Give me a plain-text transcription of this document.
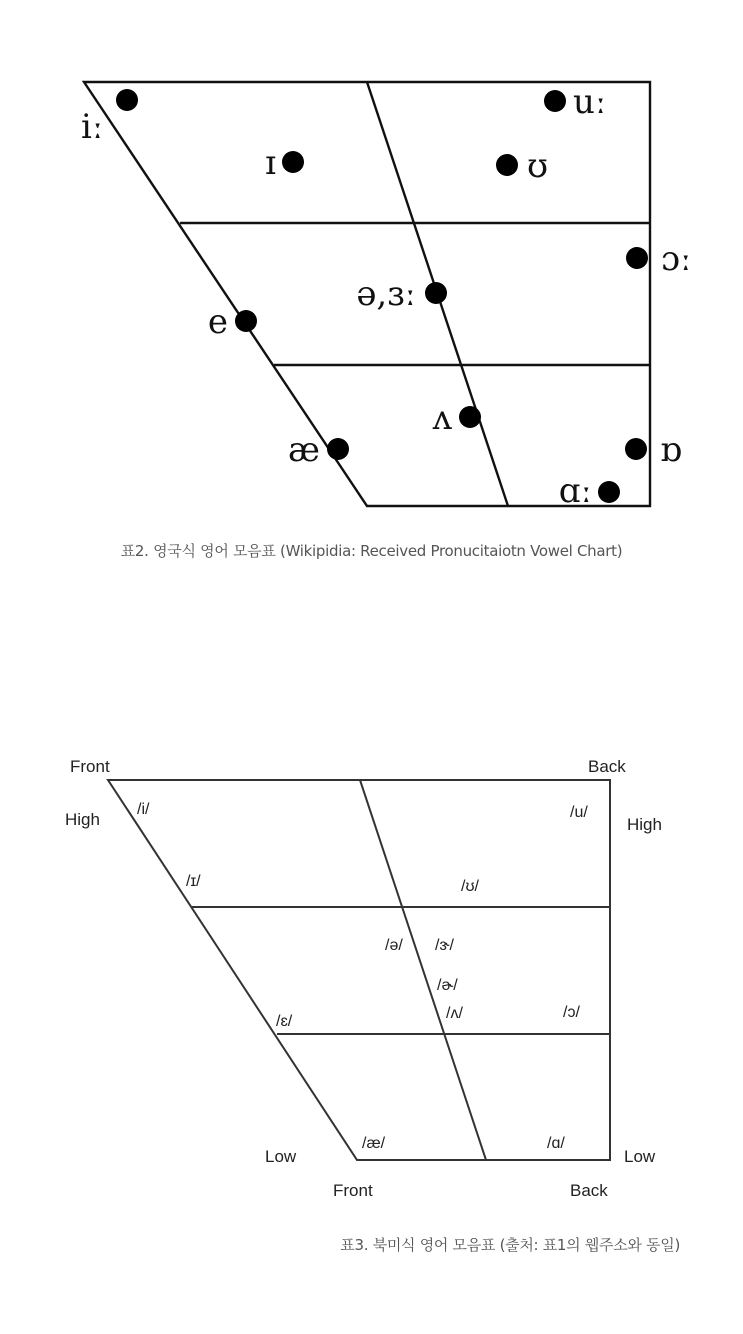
iː
ɪ
uː
ʊ
ɔː
ə,ɜː
e
ʌ
æ	ɒ
ɑː
표2. 영국식 영어 모음표 (Wikipidia: Received Pronucitaiotn Vowel Chart)
Front	Back
High	High
Low	Low
Front	Back
/i/	/u/
/ɪ/	/ʊ/
/ə/ /ɝ/
/ɚ/
/ɛ/	/ʌ/	/ɔ/
/æ/	/ɑ/
표3. 북미식 영어 모음표 (출처: 표1의 웹주소와 동일)
